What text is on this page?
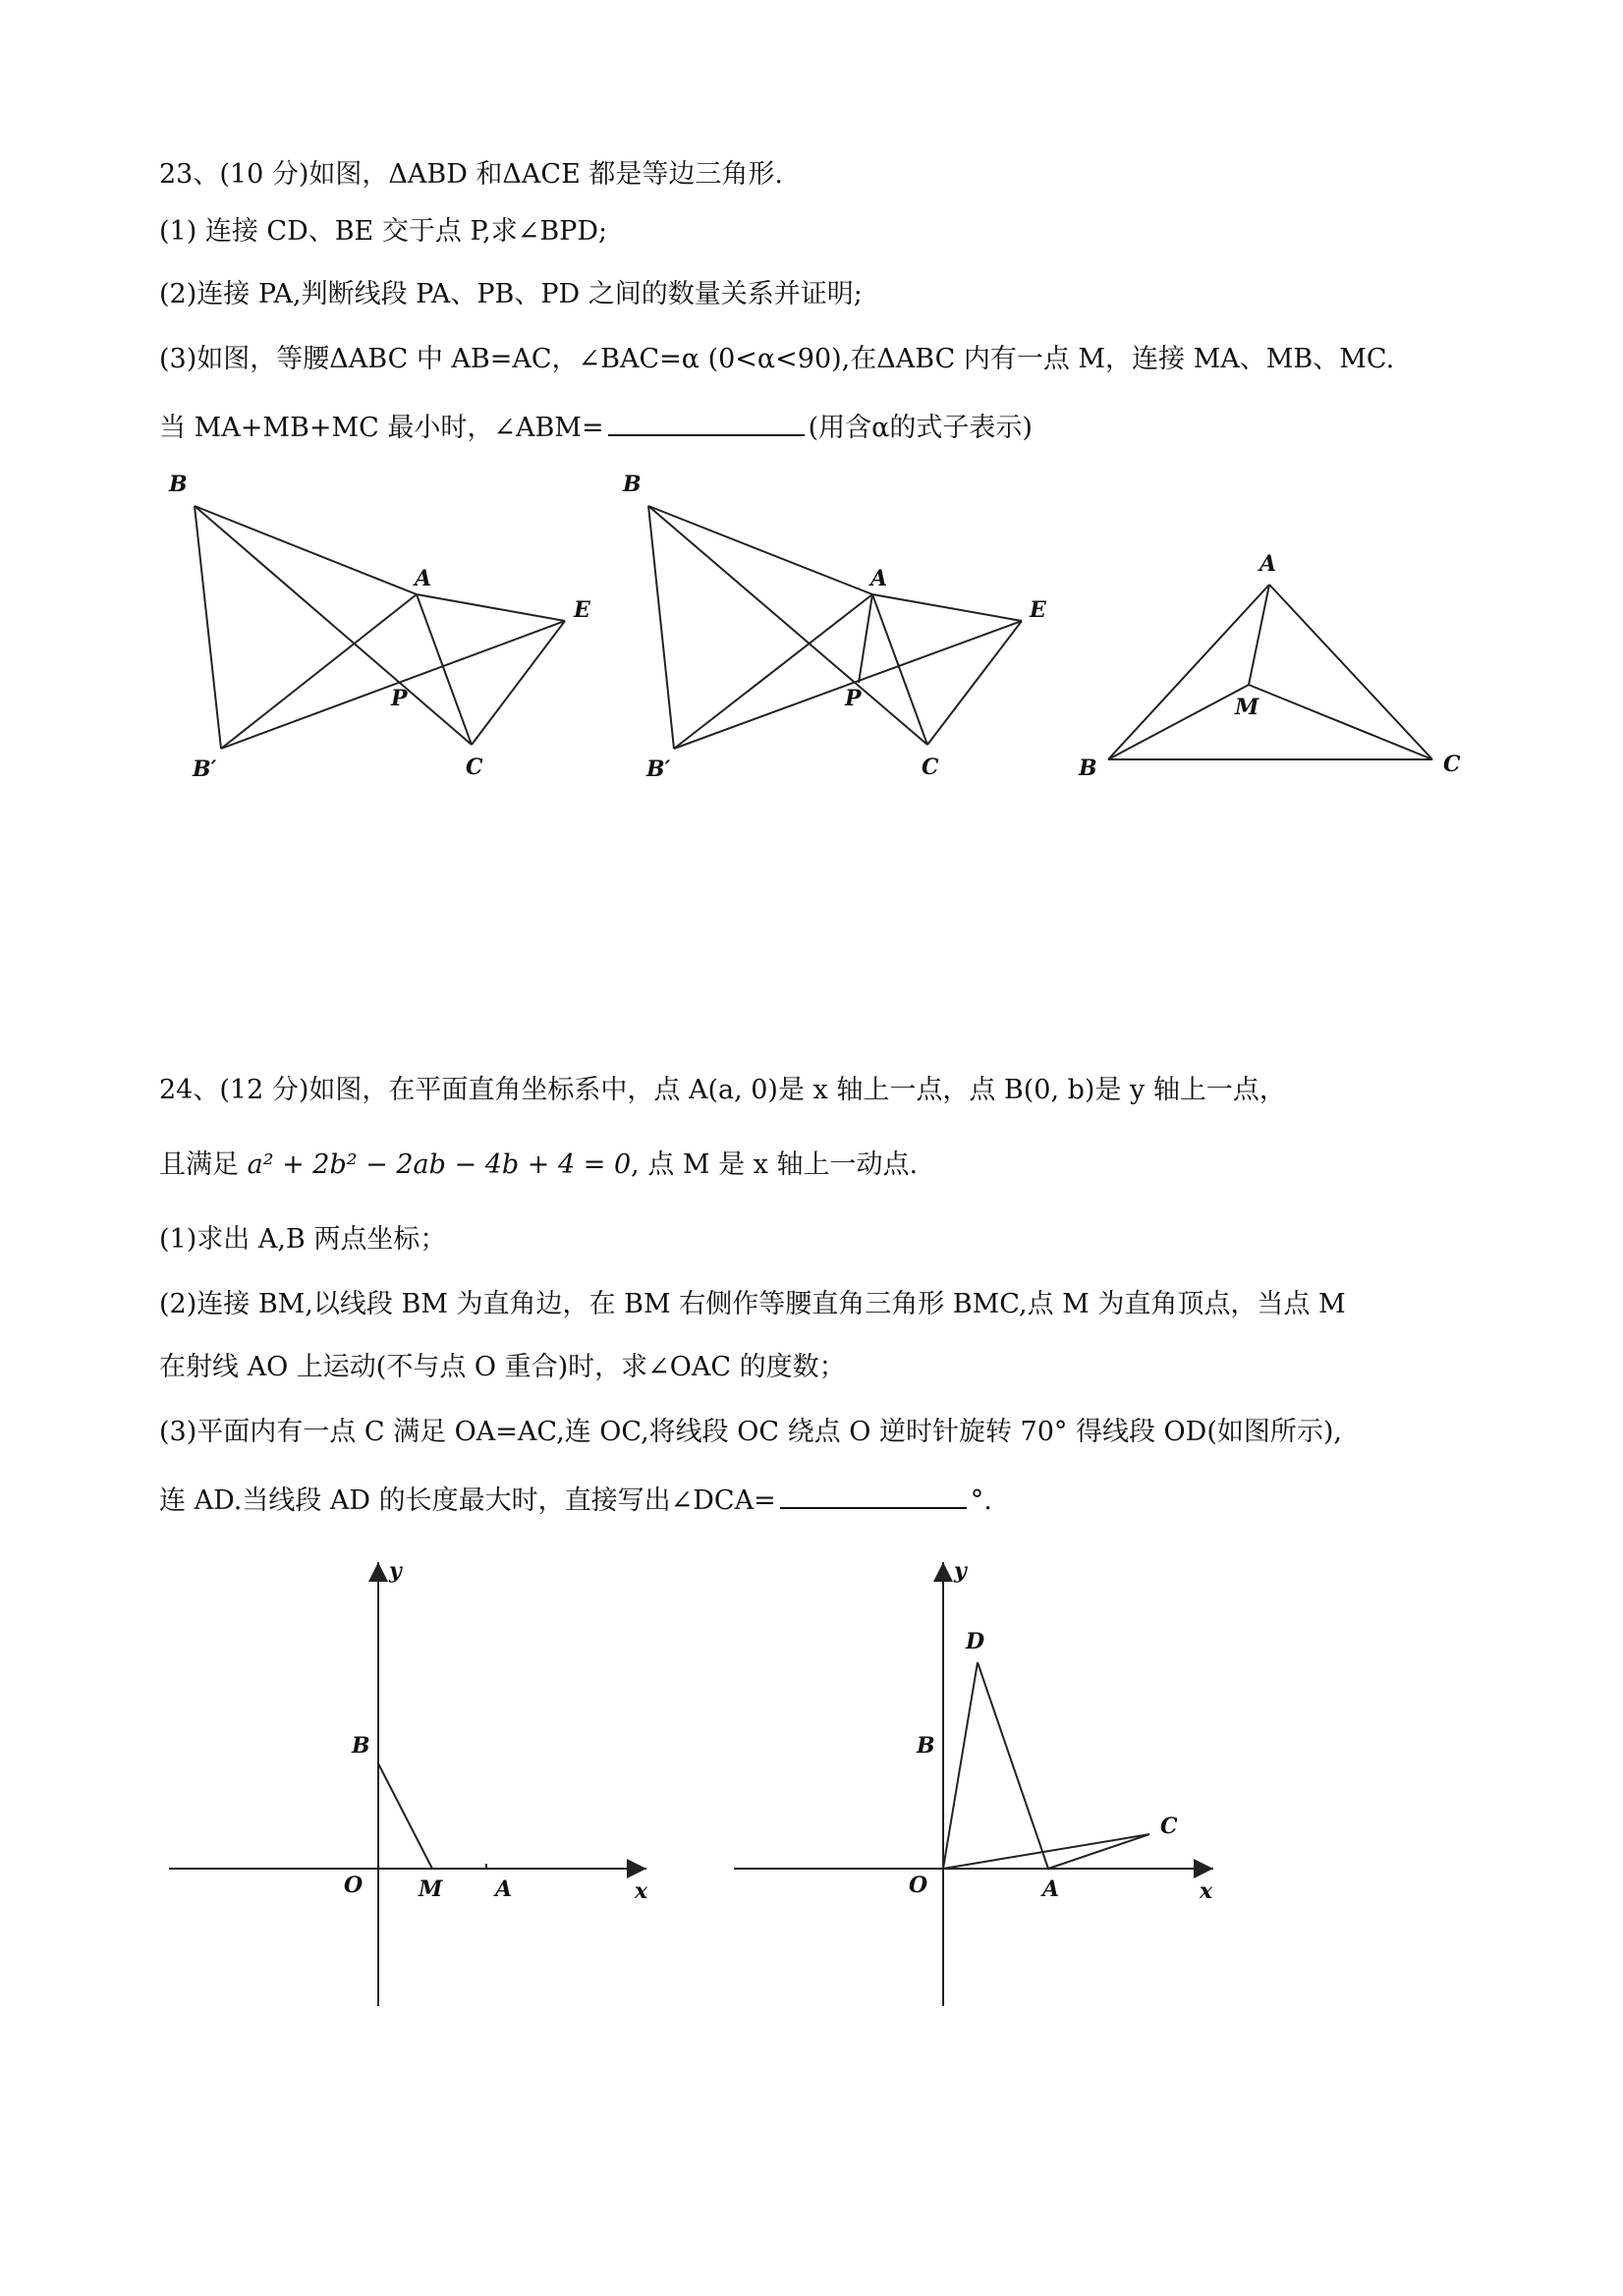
23、(10 分)如图，ΔABD 和ΔACE 都是等边三角形.
(1) 连接 CD、BE 交于点 P,求∠BPD;
(2)连接 PA,判断线段 PA、PB、PD 之间的数量关系并证明;
(3)如图，等腰ΔABC 中 AB=AC，∠BAC=α (0<α<90),在ΔABC 内有一点 M，连接 MA、MB、MC.
当 MA+MB+MC 最小时，∠ABM=	(用含α的式子表示)
B
A
E
P
B′	C
B
A
E
P
B′	C
A
M
B	C
24、(12 分)如图，在平面直角坐标系中，点 A(a, 0)是 x 轴上一点，点 B(0, b)是 y 轴上一点，
且满足 a² + 2b² − 2ab − 4b + 4 = 0, 点 M 是 x 轴上一动点.
(1)求出 A,B 两点坐标；
(2)连接 BM,以线段 BM 为直角边，在 BM 右侧作等腰直角三角形 BMC,点 M 为直角顶点，当点 M
在射线 AO 上运动(不与点 O 重合)时，求∠OAC 的度数；
(3)平面内有一点 C 满足 OA=AC,连 OC,将线段 OC 绕点 O 逆时针旋转 70° 得线段 OD(如图所示),
连 AD.当线段 AD 的长度最大时，直接写出∠DCA=	°.
y
B
O	M A	x
y
D
B
C
O	A	x
